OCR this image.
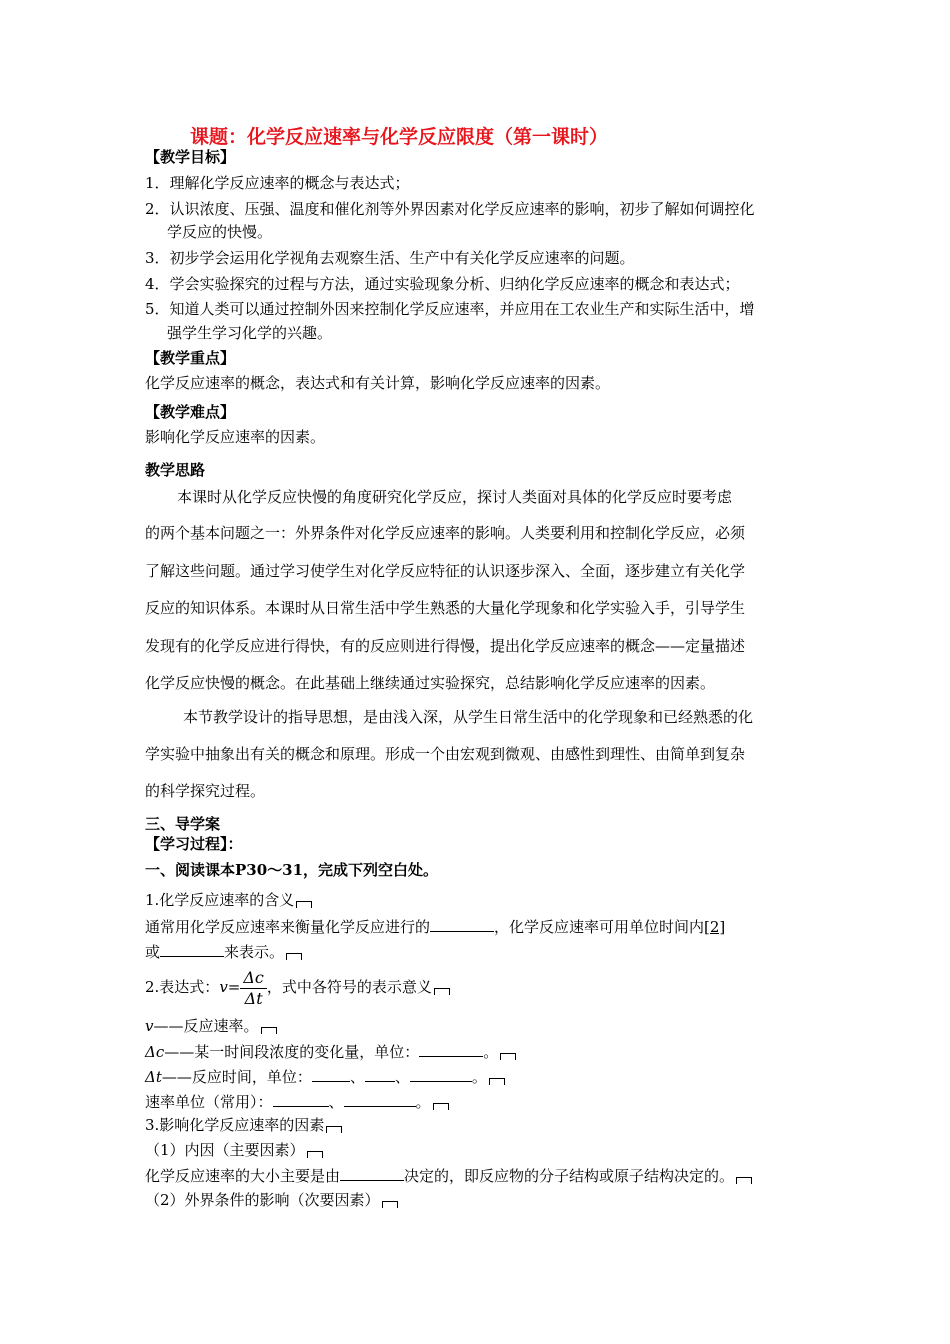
课题：化学反应速率与化学反应限度（第一课时）
【教学目标】
1．理解化学反应速率的概念与表达式；
2．认识浓度、压强、温度和催化剂等外界因素对化学反应速率的影响，初步了解如何调控化
学反应的快慢。
3．初步学会运用化学视角去观察生活、生产中有关化学反应速率的问题。
4．学会实验探究的过程与方法，通过实验现象分析、归纳化学反应速率的概念和表达式；
5．知道人类可以通过控制外因来控制化学反应速率，并应用在工农业生产和实际生活中，增
强学生学习化学的兴趣。
【教学重点】
化学反应速率的概念，表达式和有关计算，影响化学反应速率的因素。
【教学难点】
影响化学反应速率的因素。
教学思路
本课时从化学反应快慢的角度研究化学反应，探讨人类面对具体的化学反应时要考虑
的两个基本问题之一：外界条件对化学反应速率的影响。人类要利用和控制化学反应，必须
了解这些问题。通过学习使学生对化学反应特征的认识逐步深入、全面，逐步建立有关化学
反应的知识体系。本课时从日常生活中学生熟悉的大量化学现象和化学实验入手，引导学生
发现有的化学反应进行得快，有的反应则进行得慢，提出化学反应速率的概念——定量描述
化学反应快慢的概念。在此基础上继续通过实验探究，总结影响化学反应速率的因素。
本节教学设计的指导思想，是由浅入深，从学生日常生活中的化学现象和已经熟悉的化
学实验中抽象出有关的概念和原理。形成一个由宏观到微观、由感性到理性、由简单到复杂
的科学探究过程。
三、导学案
【学习过程】：
一、阅读课本P30～31，完成下列空白处。
1.化学反应速率的含义
通常用化学反应速率来衡量化学反应进行的	，化学反应速率可用单位时间内[2]
或	来表示。
2.表达式：$v= \frac{\Delta c}{\Delta t}$ ，式中各符号的表示意义
v——反应速率。
Δc——某一时间段浓度的变化量，单位：	。
Δt——反应时间，单位：	、 、	。
速率单位（常用）：	、	。
3.影响化学反应速率的因素
（1）内因（主要因素）
化学反应速率的大小主要是由	决定的，即反应物的分子结构或原子结构决定的。
（2）外界条件的影响（次要因素）
